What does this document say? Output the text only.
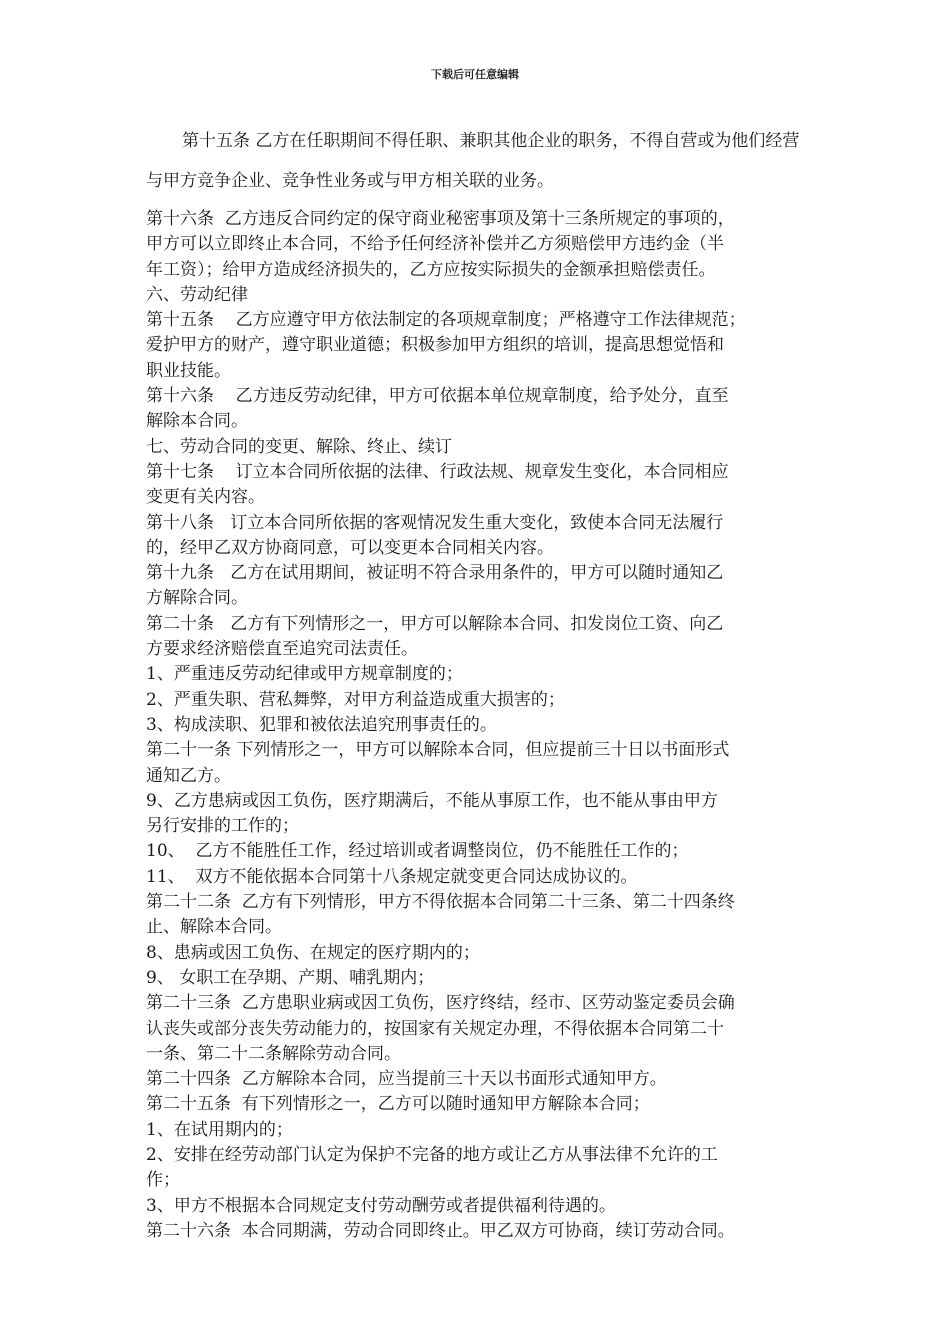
下载后可任意编辑

第十五条 乙方在任职期间不得任职、兼职其他企业的职务，不得自营或为他们经营与甲方竞争企业、竞争性业务或与甲方相关联的业务。

第十六条  乙方违反合同约定的保守商业秘密事项及第十三条所规定的事项的，
甲方可以立即终止本合同，不给予任何经济补偿并乙方须赔偿甲方违约金（半
年工资）；给甲方造成经济损失的，乙方应按实际损失的金额承担赔偿责任。
六、劳动纪律
第十五条    乙方应遵守甲方依法制定的各项规章制度；严格遵守工作法律规范；
爱护甲方的财产，遵守职业道德；积极参加甲方组织的培训，提高思想觉悟和
职业技能。
第十六条    乙方违反劳动纪律，甲方可依据本单位规章制度，给予处分，直至
解除本合同。
七、劳动合同的变更、解除、终止、续订
第十七条    订立本合同所依据的法律、行政法规、规章发生变化，本合同相应
变更有关内容。
第十八条   订立本合同所依据的客观情况发生重大变化，致使本合同无法履行
的，经甲乙双方协商同意，可以变更本合同相关内容。
第十九条   乙方在试用期间，被证明不符合录用条件的，甲方可以随时通知乙
方解除合同。
第二十条   乙方有下列情形之一，甲方可以解除本合同、扣发岗位工资、向乙
方要求经济赔偿直至追究司法责任。
1、严重违反劳动纪律或甲方规章制度的；
2、严重失职、营私舞弊，对甲方利益造成重大损害的；
3、构成渎职、犯罪和被依法追究刑事责任的。
第二十一条 下列情形之一，甲方可以解除本合同，但应提前三十日以书面形式
通知乙方。
9、乙方患病或因工负伤，医疗期满后，不能从事原工作，也不能从事由甲方
另行安排的工作的；
10、  乙方不能胜任工作，经过培训或者调整岗位，仍不能胜任工作的；
11、  双方不能依据本合同第十八条规定就变更合同达成协议的。
第二十二条  乙方有下列情形，甲方不得依据本合同第二十三条、第二十四条终
止、解除本合同。
8、患病或因工负伤、在规定的医疗期内的；
9、 女职工在孕期、产期、哺乳期内；
第二十三条  乙方患职业病或因工负伤，医疗终结，经市、区劳动鉴定委员会确
认丧失或部分丧失劳动能力的，按国家有关规定办理，不得依据本合同第二十
一条、第二十二条解除劳动合同。
第二十四条  乙方解除本合同，应当提前三十天以书面形式通知甲方。
第二十五条  有下列情形之一，乙方可以随时通知甲方解除本合同；
1、在试用期内的；
2、安排在经劳动部门认定为保护不完备的地方或让乙方从事法律不允许的工
作；
3、甲方不根据本合同规定支付劳动酬劳或者提供福利待遇的。
第二十六条  本合同期满，劳动合同即终止。甲乙双方可协商，续订劳动合同。
